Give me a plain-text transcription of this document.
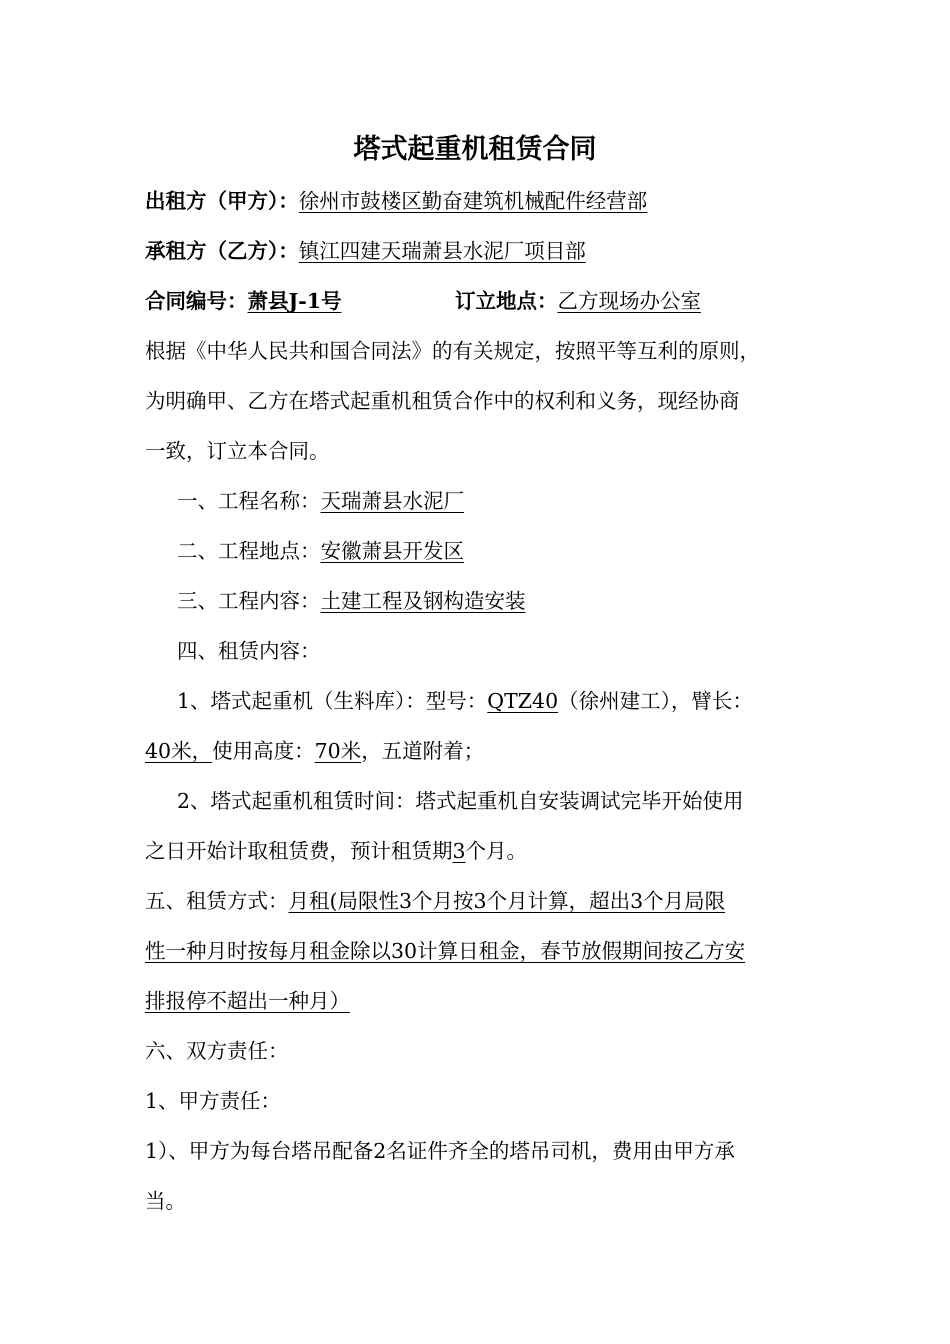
塔式起重机租赁合同
出租方（甲方）：徐州市鼓楼区勤奋建筑机械配件经营部
承租方（乙方）：镇江四建天瑞萧县水泥厂项目部
合同编号：萧县J-1号	订立地点：乙方现场办公室
根据《中华人民共和国合同法》的有关规定，按照平等互利的原则，
为明确甲、乙方在塔式起重机租赁合作中的权利和义务，现经协商
一致，订立本合同。
一、工程名称：天瑞萧县水泥厂
二、工程地点：安徽萧县开发区
三、工程内容：土建工程及钢构造安装
四、租赁内容：
1、塔式起重机（生料库）：型号：QTZ40（徐州建工），臂长：
40米，使用高度：70米，五道附着；
2、塔式起重机租赁时间：塔式起重机自安装调试完毕开始使用
之日开始计取租赁费，预计租赁期3个月。
五、租赁方式：月租(局限性3个月按3个月计算，超出3个月局限
性一种月时按每月租金除以30计算日租金，春节放假期间按乙方安
排报停不超出一种月）
六、双方责任：
1、甲方责任：
1）、甲方为每台塔吊配备2名证件齐全的塔吊司机，费用由甲方承
当。
